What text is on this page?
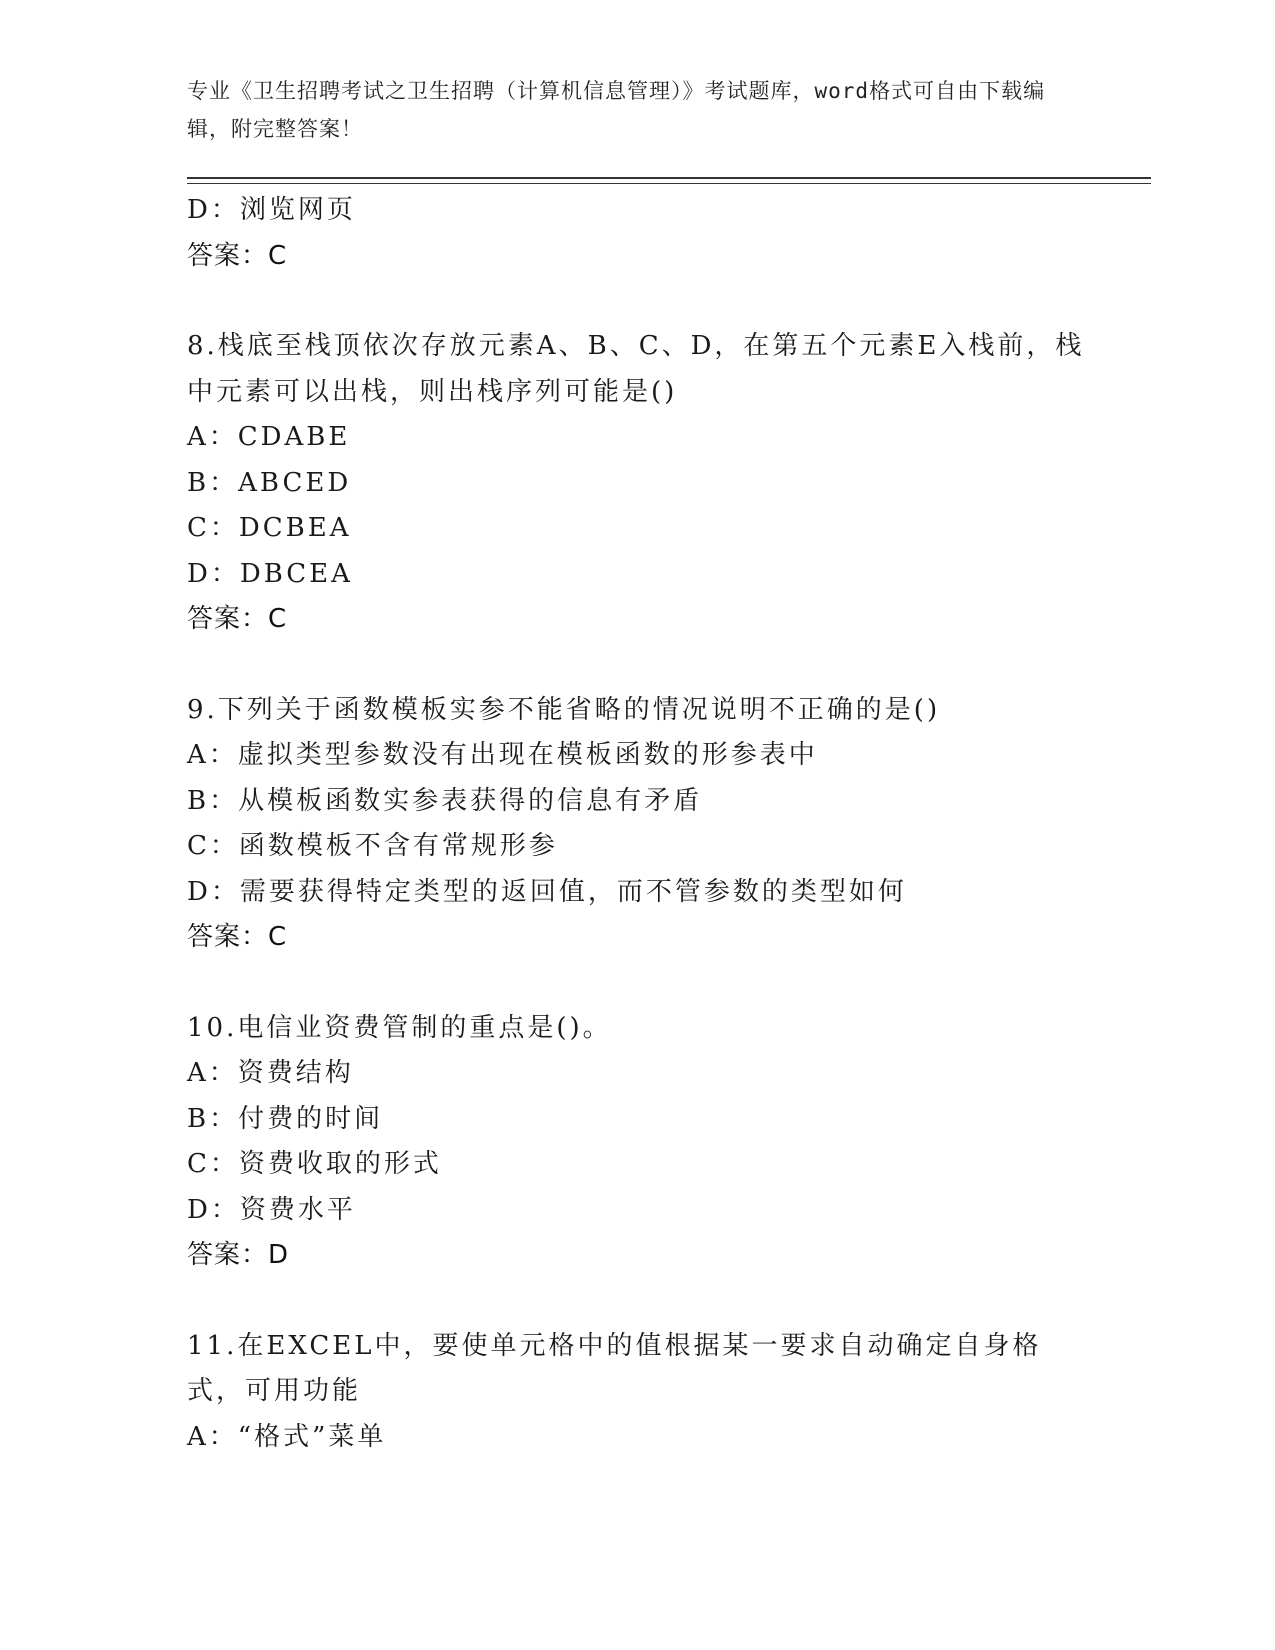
专业《卫生招聘考试之卫生招聘（计算机信息管理）》考试题库，word格式可自由下载编辑，附完整答案！
D：浏览网页
答案：C
8.栈底至栈顶依次存放元素A、B、C、D，在第五个元素E入栈前，栈中元素可以出栈，则出栈序列可能是()
A：CDABE
B：ABCED
C：DCBEA
D：DBCEA
答案：C
9.下列关于函数模板实参不能省略的情况说明不正确的是()
A：虚拟类型参数没有出现在模板函数的形参表中
B：从模板函数实参表获得的信息有矛盾
C：函数模板不含有常规形参
D：需要获得特定类型的返回值，而不管参数的类型如何
答案：C
10.电信业资费管制的重点是()。
A：资费结构
B：付费的时间
C：资费收取的形式
D：资费水平
答案：D
11.在EXCEL中，要使单元格中的值根据某一要求自动确定自身格式，可用功能
A：“格式”菜单
